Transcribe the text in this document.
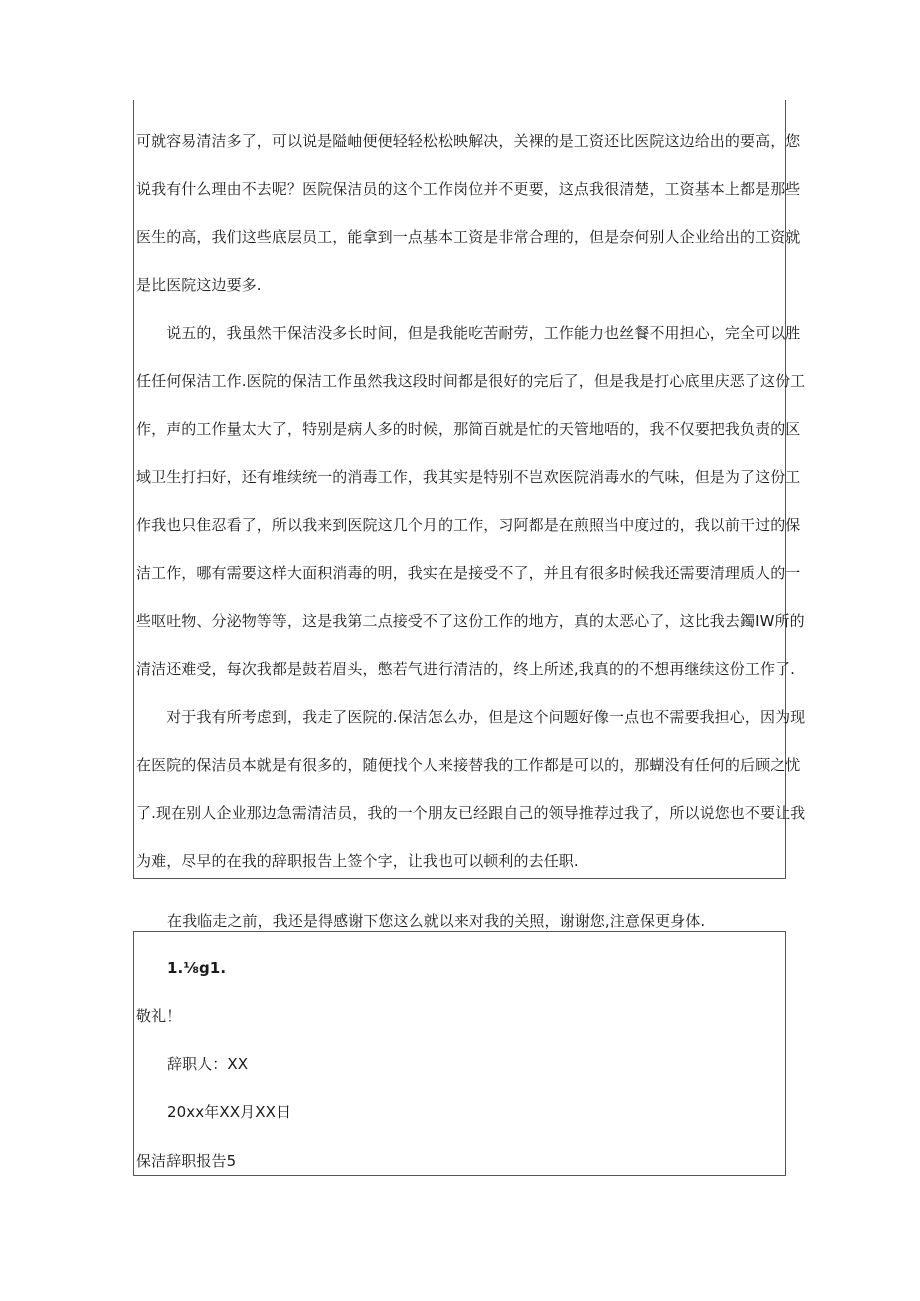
可就容易清洁多了，可以说是隘岫便便轻轻松松映解决，关裸的是工资还比医院这边给出的要高，您
说我有什么理由不去呢？医院保洁员的这个工作岗位并不更要，这点我很清楚，工资基本上都是那些
医生的高，我们这些底层员工，能拿到一点基本工资是非常合理的，但是奈何别人企业给出的工资就
是比医院这边要多.
　　说五的，我虽然干保洁没多长时间，但是我能吃苦耐劳，工作能力也丝餐不用担心，完全可以胜
任任何保洁工作.医院的保洁工作虽然我这段时间都是很好的完后了，但是我是打心底里庆恶了这份工
作，声的工作量太大了，特别是病人多的时候，那简百就是忙的天管地唔的，我不仅要把我负责的区
域卫生打扫好，还有堆续统一的消毒工作，我其实是特别不岂欢医院消毒水的气味，但是为了这份工
作我也只隹忍看了，所以我来到医院这几个月的工作，习阿都是在煎照当中度过的，我以前干过的保
洁工作，哪有需要这样大面积消毒的明，我实在是接受不了，并且有很多时候我还需要清理质人的一
些呕吐物、分泌物等等，这是我第二点接受不了这份工作的地方，真的太恶心了，这比我去鐲IW所的
清洁还难受，每次我都是鼓若眉头，憋若气进行清洁的，终上所述,我真的的不想再继续这份工作了.
　　对于我有所考虑到，我走了医院的.保洁怎么办，但是这个问题好像一点也不需要我担心，因为现
在医院的保洁员本就是有很多的，随便找个人来接替我的工作都是可以的，那蝴没有任何的后顾之忧
了.现在别人企业那边急需清洁员，我的一个朋友已经跟自己的领导推荐过我了，所以说您也不要让我
为难，尽早的在我的辞职报告上签个字，让我也可以顿利的去任职.
在我临走之前，我还是得感谢下您这么就以来对我的关照，谢谢您,注意保更身体.
1.⅛g1.
敬礼！
辞职人：XX
20xx年XX月XX日
保洁辞职报告5
